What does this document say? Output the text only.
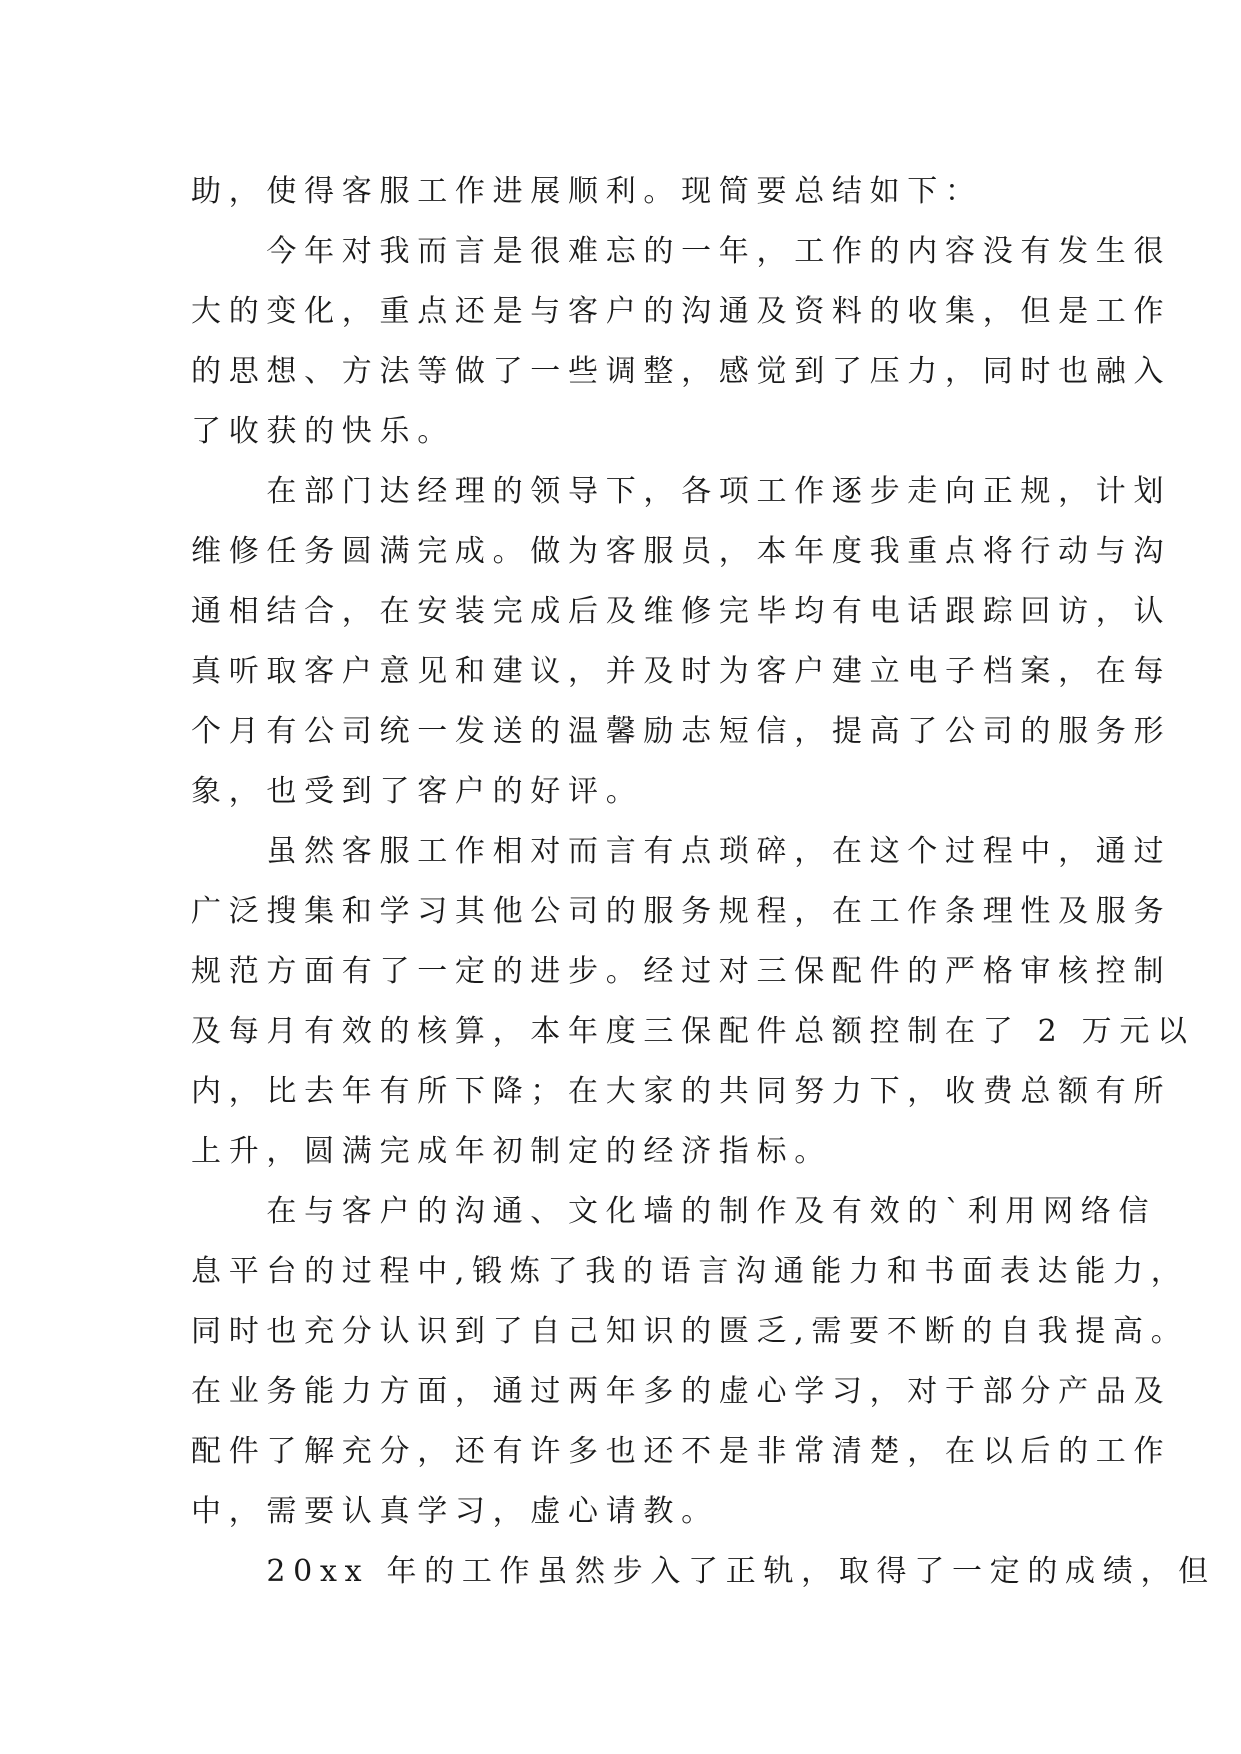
助，使得客服工作进展顺利。现简要总结如下：
　　今年对我而言是很难忘的一年，工作的内容没有发生很
大的变化，重点还是与客户的沟通及资料的收集，但是工作
的思想、方法等做了一些调整，感觉到了压力，同时也融入
了收获的快乐。
　　在部门达经理的领导下，各项工作逐步走向正规，计划
维修任务圆满完成。做为客服员，本年度我重点将行动与沟
通相结合，在安装完成后及维修完毕均有电话跟踪回访，认
真听取客户意见和建议，并及时为客户建立电子档案，在每
个月有公司统一发送的温馨励志短信，提高了公司的服务形
象，也受到了客户的好评。
　　虽然客服工作相对而言有点琐碎，在这个过程中，通过
广泛搜集和学习其他公司的服务规程，在工作条理性及服务
规范方面有了一定的进步。经过对三保配件的严格审核控制
及每月有效的核算，本年度三保配件总额控制在了 2 万元以
内，比去年有所下降；在大家的共同努力下，收费总额有所
上升，圆满完成年初制定的经济指标。
　　在与客户的沟通、文化墙的制作及有效的`利用网络信
息平台的过程中,锻炼了我的语言沟通能力和书面表达能力，
同时也充分认识到了自己知识的匮乏,需要不断的自我提高。
在业务能力方面，通过两年多的虚心学习，对于部分产品及
配件了解充分，还有许多也还不是非常清楚，在以后的工作
中，需要认真学习，虚心请教。
　　20xx 年的工作虽然步入了正轨，取得了一定的成绩，但
